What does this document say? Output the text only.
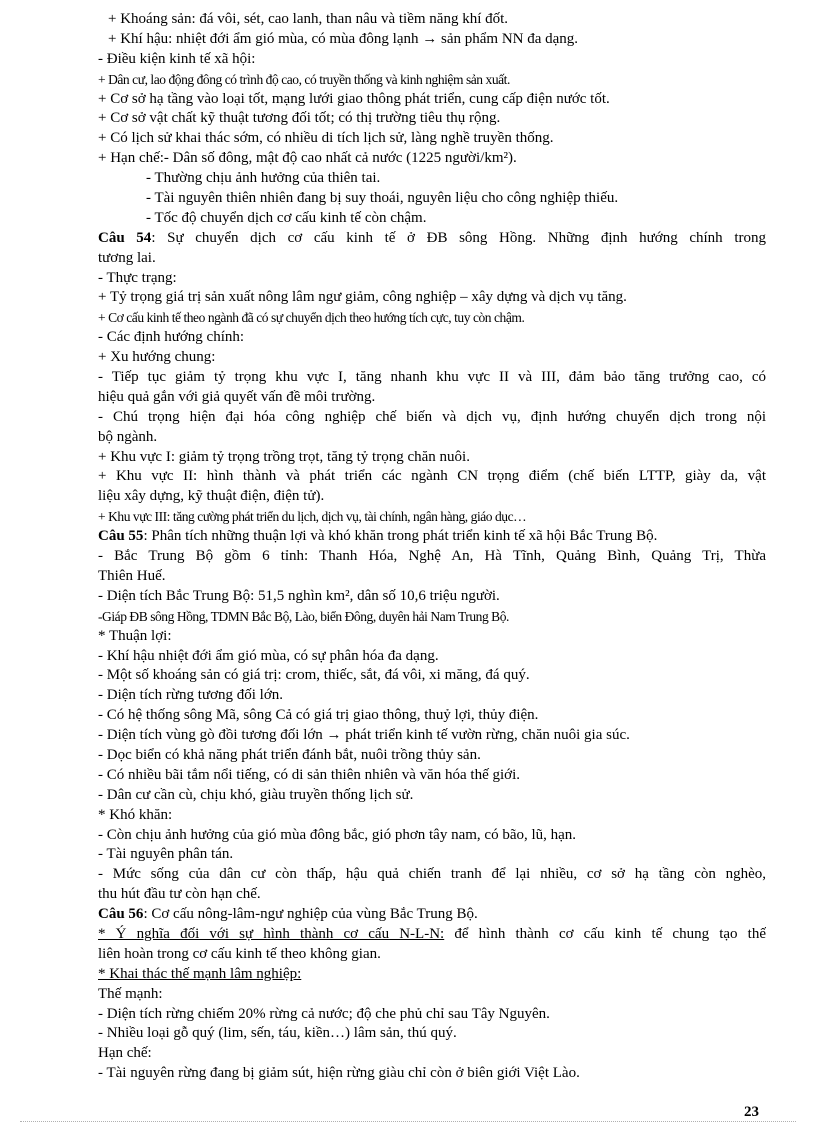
+ Khoáng sản: đá vôi, sét, cao lanh, than nâu và tiềm năng khí đốt.
+ Khí hậu: nhiệt đới ẩm gió mùa, có mùa đông lạnh → sản phẩm NN đa dạng.
- Điều kiện kinh tế xã hội:
+ Dân cư, lao động đông có trình độ cao, có truyền thống và kinh nghiệm sản xuất.
+ Cơ sở hạ tầng vào loại tốt, mạng lưới giao thông phát triển, cung cấp điện nước tốt.
+ Cơ sở vật chất kỹ thuật tương đối tốt; có thị trường tiêu thụ rộng.
+ Có lịch sử khai thác sớm, có nhiều di tích lịch sử, làng nghề truyền thống.
+ Hạn chế:- Dân số đông, mật độ cao nhất cả nước (1225 người/km²).
- Thường chịu ảnh hưởng của thiên tai.
- Tài nguyên thiên nhiên đang bị suy thoái, nguyên liệu cho công nghiệp thiếu.
- Tốc độ chuyển dịch cơ cấu kinh tế còn chậm.
Câu 54: Sự chuyển dịch cơ cấu kinh tế ở ĐB sông Hồng. Những định hướng chính trong
tương lai.
- Thực trạng:
+ Tỷ trọng giá trị sản xuất nông lâm ngư giảm, công nghiệp – xây dựng và dịch vụ tăng.
+ Cơ cấu kinh tế theo ngành đã có sự chuyển dịch theo hướng tích cực, tuy còn chậm.
- Các định hướng chính:
+ Xu hướng chung:
- Tiếp tục giảm tỷ trọng khu vực I, tăng nhanh khu vực II và III, đảm bảo tăng trưởng cao, có
hiệu quả gắn với giả quyết vấn đề môi trường.
- Chú trọng hiện đại hóa công nghiệp chế biến và dịch vụ, định hướng chuyển dịch trong nội
bộ ngành.
+ Khu vực I: giảm tỷ trọng trồng trọt, tăng tỷ trọng chăn nuôi.
+ Khu vực II: hình thành và phát triển các ngành CN trọng điểm (chế biến LTTP, giày da, vật
liệu xây dựng, kỹ thuật điện, điện tử).
+ Khu vực III: tăng cường phát triển du lịch, dịch vụ, tài chính, ngân hàng, giáo dục…
Câu 55: Phân tích những thuận lợi và khó khăn trong phát triển kinh tế xã hội Bắc Trung Bộ.
- Bắc Trung Bộ gồm 6 tỉnh: Thanh Hóa, Nghệ An, Hà Tĩnh, Quảng Bình, Quảng Trị, Thừa
Thiên Huế.
- Diện tích Bắc Trung Bộ: 51,5 nghìn km², dân số 10,6 triệu người.
-Giáp ĐB sông Hồng, TDMN Bắc Bộ, Lào, biển Đông, duyên hải Nam Trung Bộ.
* Thuận lợi:
- Khí hậu nhiệt đới ẩm gió mùa, có sự phân hóa đa dạng.
- Một số khoáng sản có giá trị: crom, thiếc, sắt, đá vôi, xi măng, đá quý.
- Diện tích rừng tương đối lớn.
- Có hệ thống sông Mã, sông Cả có giá trị giao thông, thuỷ lợi, thủy điện.
- Diện tích vùng gò đồi tương đối lớn → phát triển kinh tế vườn rừng, chăn nuôi gia súc.
- Dọc biển có khả năng phát triển đánh bắt, nuôi trồng thủy sản.
- Có nhiều bãi tắm nổi tiếng, có di sản thiên nhiên và văn hóa thế giới.
- Dân cư cần cù, chịu khó, giàu truyền thống lịch sử.
* Khó khăn:
- Còn chịu ảnh hưởng của gió mùa đông bắc, gió phơn tây nam, có bão, lũ, hạn.
- Tài nguyên phân tán.
- Mức sống của dân cư còn thấp, hậu quả chiến tranh để lại nhiều, cơ sở hạ tầng còn nghèo,
thu hút đầu tư còn hạn chế.
Câu 56: Cơ cấu nông-lâm-ngư nghiệp của vùng Bắc Trung Bộ.
* Ý nghĩa đối với sự hình thành cơ cấu N-L-N: để hình thành cơ cấu kinh tế chung tạo thế
liên hoàn trong cơ cấu kinh tế theo không gian.
* Khai thác thế mạnh lâm nghiệp:
Thế mạnh:
- Diện tích rừng chiếm 20% rừng cả nước; độ che phủ chỉ sau Tây Nguyên.
- Nhiều loại gỗ quý (lim, sến, táu, kiền…) lâm sản, thú quý.
Hạn chế:
- Tài nguyên rừng đang bị giảm sút, hiện rừng giàu chỉ còn ở biên giới Việt Lào.
23
